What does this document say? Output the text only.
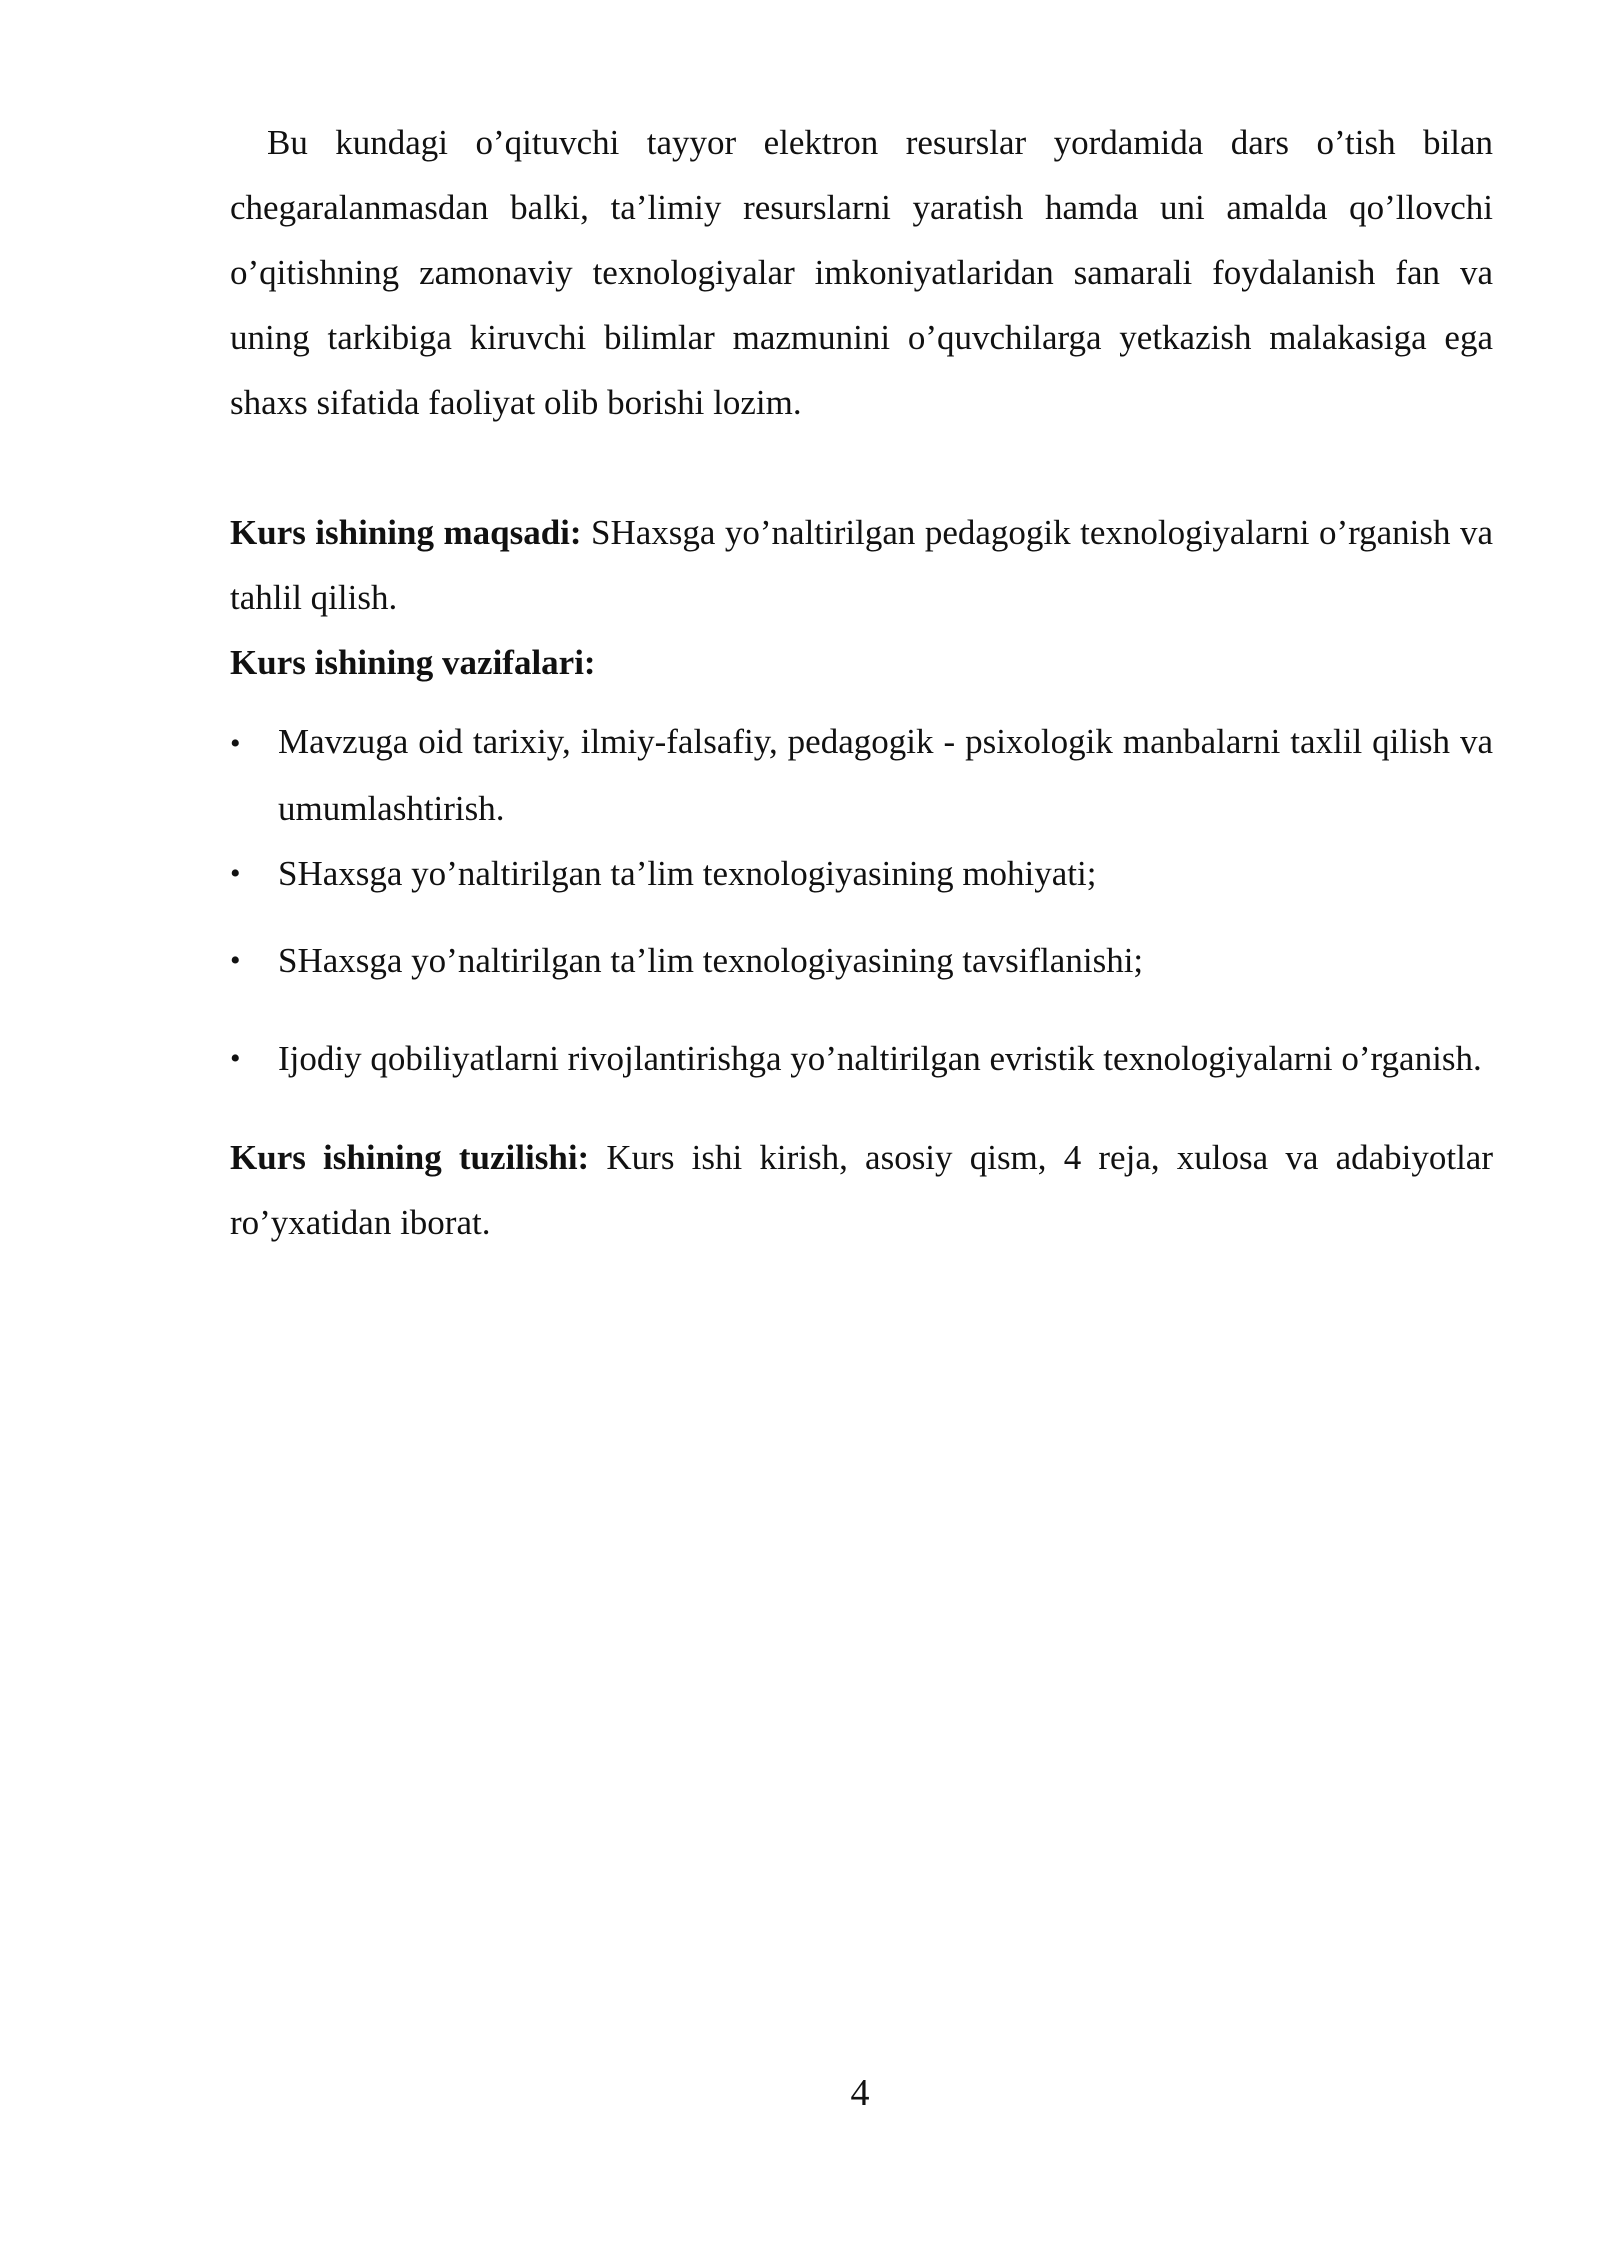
Bu kundagi o’qituvchi tayyor elektron resurslar yordamida dars o’tish bilan chegaralanmasdan balki, ta’limiy resurslarni yaratish hamda uni amalda qo’llovchi o’qitishning zamonaviy texnologiyalar imkoniyatlaridan samarali foydalanish fan va uning tarkibiga kiruvchi bilimlar mazmunini o’quvchilarga yetkazish malakasiga ega shaxs sifatida faoliyat olib borishi lozim.

Kurs ishining maqsadi: SHaxsga yo’naltirilgan pedagogik texnologiyalarni o’rganish va tahlil qilish.

Kurs ishining vazifalari:

• Mavzuga oid tarixiy, ilmiy-falsafiy, pedagogik - psixologik manbalarni taxlil qilish va umumlashtirish.
• SHaxsga yo’naltirilgan ta’lim texnologiyasining mohiyati;
• SHaxsga yo’naltirilgan ta’lim texnologiyasining tavsiflanishi;
• Ijodiy qobiliyatlarni rivojlantirishga yo’naltirilgan evristik texnologiyalarni o’rganish.

Kurs ishining tuzilishi: Kurs ishi kirish, asosiy qism, 4 reja, xulosa va adabiyotlar ro’yxatidan iborat.

4
